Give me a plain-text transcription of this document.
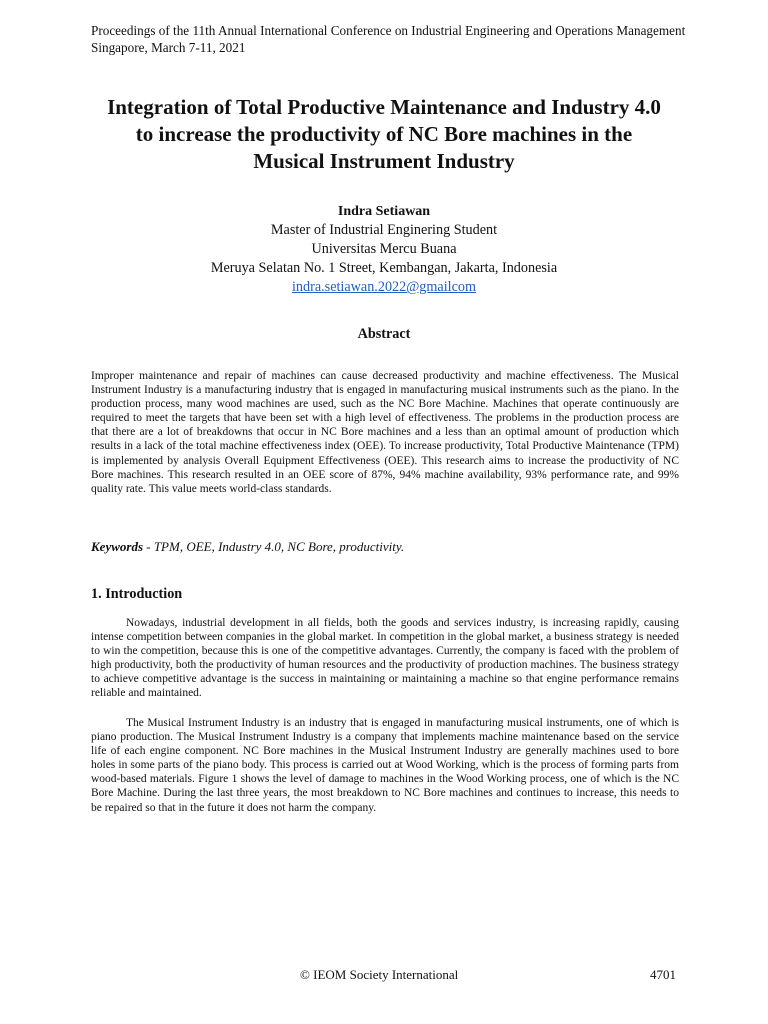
Proceedings of the 11th Annual International Conference on Industrial Engineering and Operations Management
Singapore, March 7-11, 2021
Integration of Total Productive Maintenance and Industry 4.0
to increase the productivity of NC Bore machines in the
Musical Instrument Industry
Indra Setiawan
Master of Industrial Enginering Student
Universitas Mercu Buana
Meruya Selatan No. 1 Street, Kembangan, Jakarta, Indonesia
indra.setiawan.2022@gmailcom
Abstract
Improper maintenance and repair of machines can cause decreased productivity and machine effectiveness. The Musical Instrument Industry is a manufacturing industry that is engaged in manufacturing musical instruments such as the piano. In the production process, many wood machines are used, such as the NC Bore Machine. Machines that operate continuously are required to meet the targets that have been set with a high level of effectiveness. The problems in the production process are that there are a lot of breakdowns that occur in NC Bore machines and a less than an optimal amount of production which results in a lack of the total machine effectiveness index (OEE). To increase productivity, Total Productive Maintenance (TPM) is implemented by analysis Overall Equipment Effectiveness (OEE). This research aims to increase the productivity of NC Bore machines. This research resulted in an OEE score of 87%, 94% machine availability, 93% performance rate, and 99% quality rate. This value meets world-class standards.
Keywords - TPM, OEE, Industry 4.0, NC Bore, productivity.
1. Introduction

Nowadays, industrial development in all fields, both the goods and services industry, is increasing rapidly, causing intense competition between companies in the global market. In competition in the global market, a business strategy is needed to win the competition, because this is one of the competitive advantages. Currently, the company is faced with the problem of high productivity, both the productivity of human resources and the productivity of production machines. The business strategy to achieve competitive advantage is the success in maintaining or maintaining a machine so that engine performance remains reliable and maintained.

The Musical Instrument Industry is an industry that is engaged in manufacturing musical instruments, one of which is piano production. The Musical Instrument Industry is a company that implements machine maintenance based on the service life of each engine component. NC Bore machines in the Musical Instrument Industry are generally machines used to bore holes in some parts of the piano body. This process is carried out at Wood Working, which is the process of forming parts from wood-based materials. Figure 1 shows the level of damage to machines in the Wood Working process, one of which is the NC Bore Machine. During the last three years, the most breakdown to NC Bore machines and continues to increase, this needs to be repaired so that in the future it does not harm the company.

© IEOM Society International	4701
